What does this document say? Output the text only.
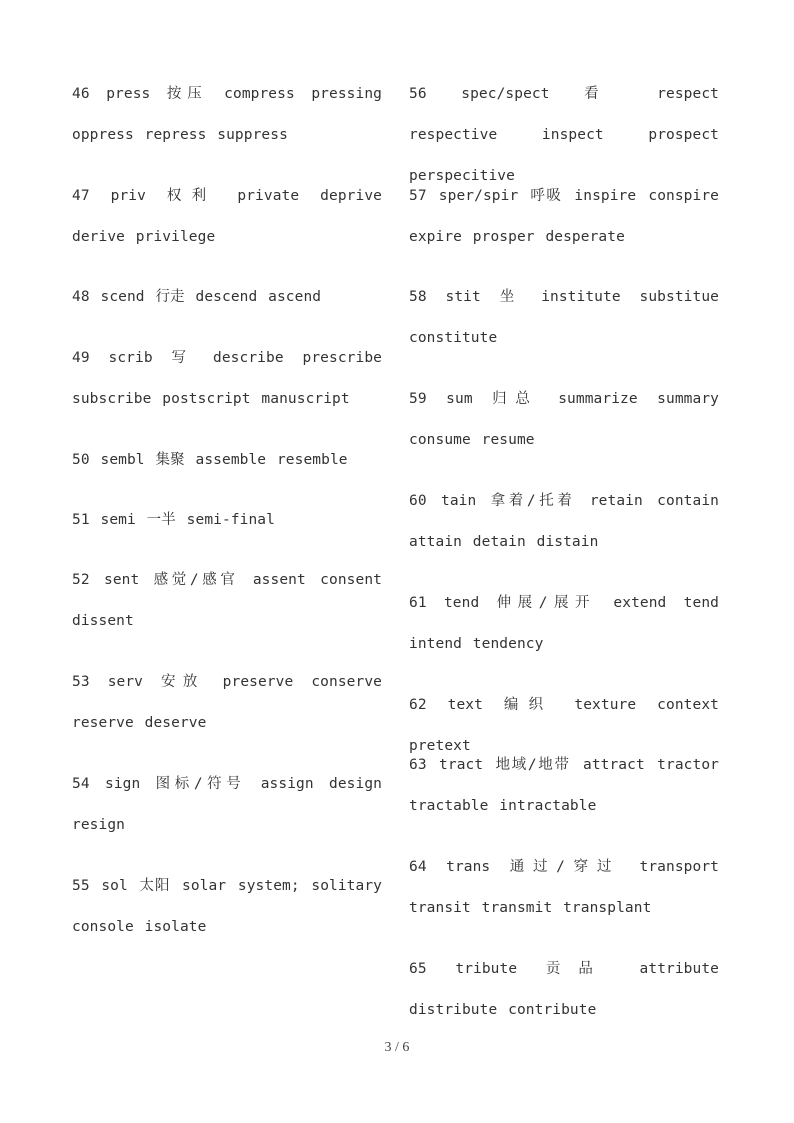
46 press 按压 compress pressing oppress repress suppress
47 priv 权利 private deprive derive privilege
48 scend 行走 descend ascend
49 scrib 写 describe prescribe subscribe postscript manuscript
50 sembl 集聚 assemble resemble
51 semi 一半 semi-final
52 sent 感觉/感官 assent consent dissent
53 serv 安放 preserve conserve reserve deserve
54 sign 图标/符号 assign design resign
55 sol 太阳 solar system; solitary console isolate
56 spec/spect 看 respect respective inspect prospect perspecitive
57 sper/spir 呼吸 inspire conspire expire prosper desperate
58 stit 坐 institute substitue constitute
59 sum 归总 summarize summary consume resume
60 tain 拿着/托着 retain contain attain detain distain
61 tend 伸展/展开 extend tend intend tendency
62 text 编织 texture context pretext
63 tract 地域/地带 attract tractor tractable intractable
64 trans 通过/穿过 transport transit transmit transplant
65 tribute 贡品 attribute distribute contribute
3 / 6
